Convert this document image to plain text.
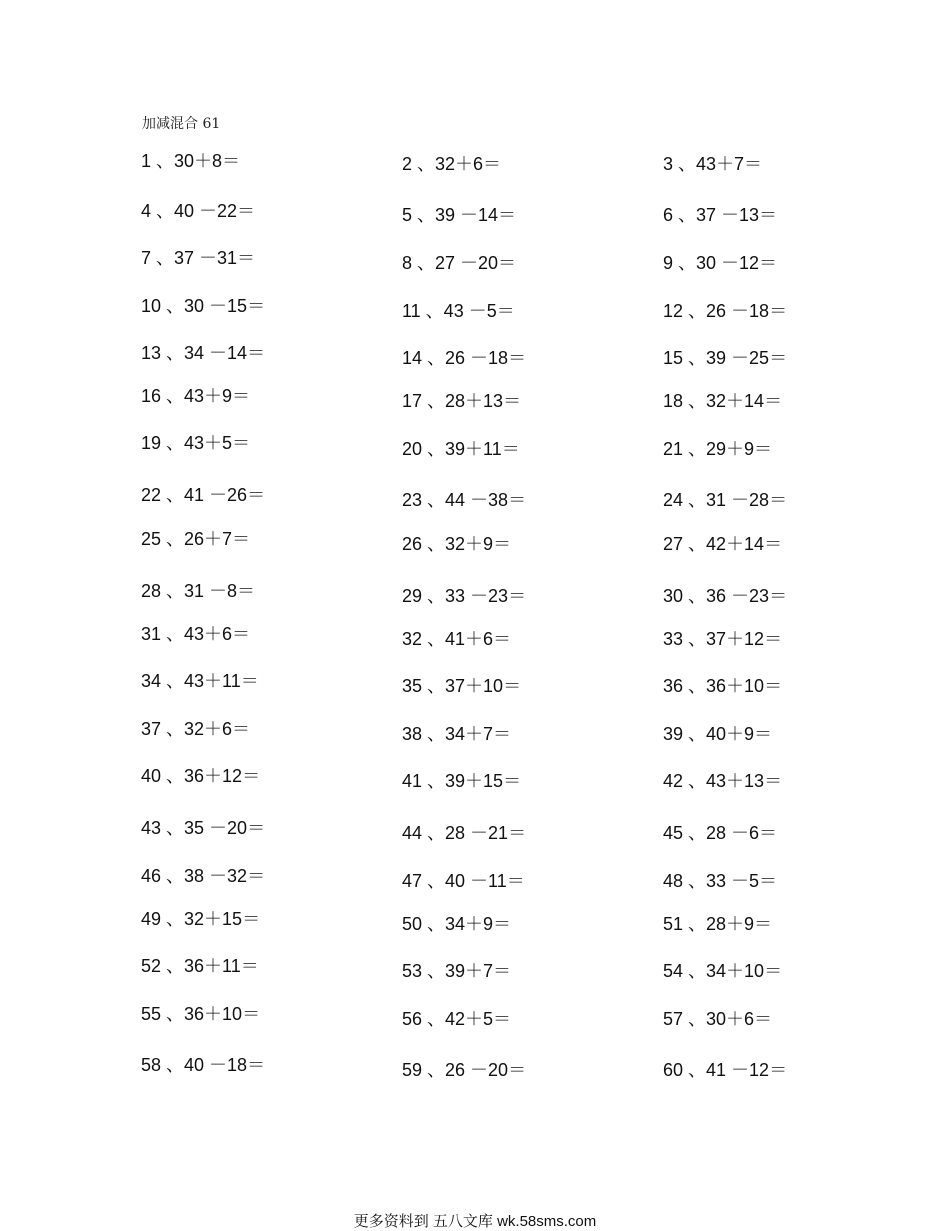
加减混合 61
1 、30＋8＝	2 、32＋6＝	3 、43＋7＝
4 、40 －22＝	5 、39 －14＝	6 、37 －13＝
7 、37 －31＝	8 、27 －20＝	9 、30 －12＝
10 、30 －15＝	11 、43 －5＝	12 、26 －18＝
13 、34 －14＝	14 、26 －18＝	15 、39 －25＝
16 、43＋9＝	17 、28＋13＝	18 、32＋14＝
19 、43＋5＝	20 、39＋11＝	21 、29＋9＝
22 、41 －26＝	23 、44 －38＝	24 、31 －28＝
25 、26＋7＝	26 、32＋9＝	27 、42＋14＝
28 、31 －8＝	29 、33 －23＝	30 、36 －23＝
31 、43＋6＝	32 、41＋6＝	33 、37＋12＝
34 、43＋11＝	35 、37＋10＝	36 、36＋10＝
37 、32＋6＝	38 、34＋7＝	39 、40＋9＝
40 、36＋12＝	41 、39＋15＝	42 、43＋13＝
43 、35 －20＝	44 、28 －21＝	45 、28 －6＝
46 、38 －32＝	47 、40 －11＝	48 、33 －5＝
49 、32＋15＝	50 、34＋9＝	51 、28＋9＝
52 、36＋11＝	53 、39＋7＝	54 、34＋10＝
55 、36＋10＝	56 、42＋5＝	57 、30＋6＝
58 、40 －18＝	59 、26 －20＝	60 、41 －12＝
更多资料到 五八文库 wk.58sms.com
